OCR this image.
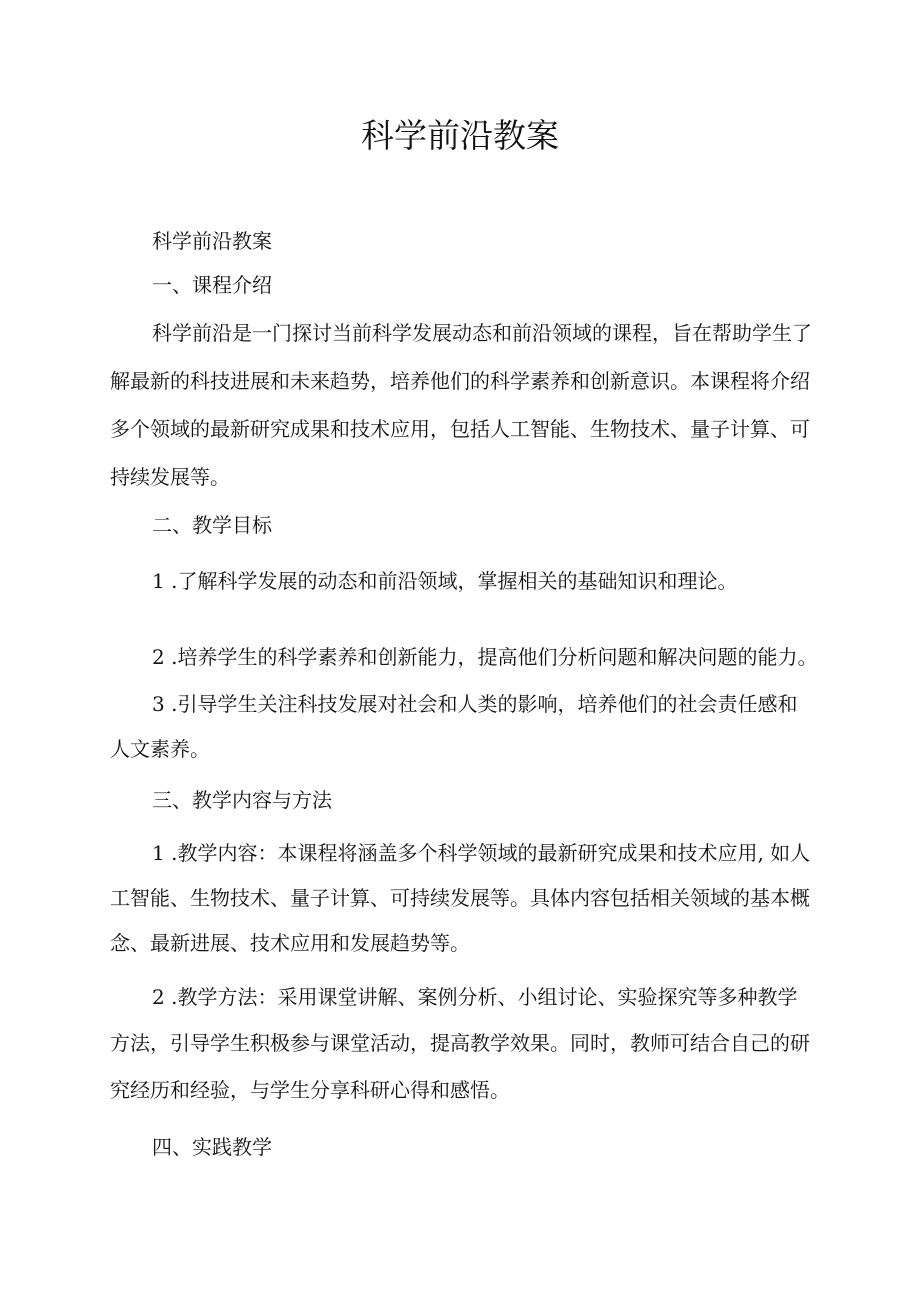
科学前沿教案
科学前沿教案
一、课程介绍
科学前沿是一门探讨当前科学发展动态和前沿领域的课程，旨在帮助学生了
解最新的科技进展和未来趋势，培养他们的科学素养和创新意识。本课程将介绍
多个领域的最新研究成果和技术应用，包括人工智能、生物技术、量子计算、可
持续发展等。
二、教学目标
1 .了解科学发展的动态和前沿领域，掌握相关的基础知识和理论。
2 .培养学生的科学素养和创新能力，提高他们分析问题和解决问题的能力。
3 .引导学生关注科技发展对社会和人类的影响，培养他们的社会责任感和
人文素养。
三、教学内容与方法
1 .教学内容：本课程将涵盖多个科学领域的最新研究成果和技术应用, 如人
工智能、生物技术、量子计算、可持续发展等。具体内容包括相关领域的基本概
念、最新进展、技术应用和发展趋势等。
2 .教学方法：采用课堂讲解、案例分析、小组讨论、实验探究等多种教学
方法，引导学生积极参与课堂活动，提高教学效果。同时，教师可结合自己的研
究经历和经验，与学生分享科研心得和感悟。
四、实践教学
